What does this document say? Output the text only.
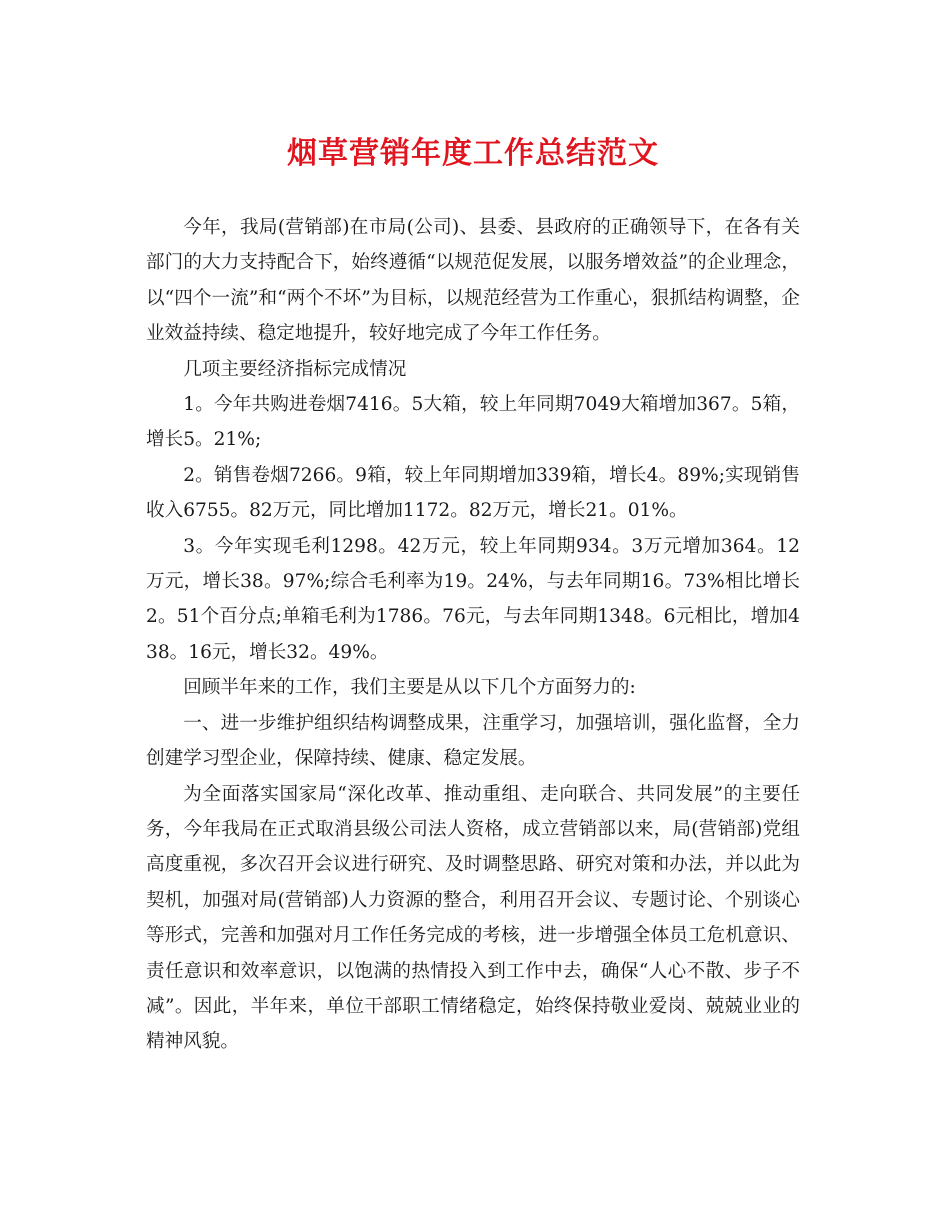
烟草营销年度工作总结范文

今年，我局(营销部)在市局(公司)、县委、县政府的正确领导下，在各有关部门的大力支持配合下，始终遵循“以规范促发展，以服务增效益”的企业理念，以“四个一流”和“两个不坏”为目标，以规范经营为工作重心，狠抓结构调整，企业效益持续、稳定地提升，较好地完成了今年工作任务。

几项主要经济指标完成情况

1。今年共购进卷烟7416。5大箱，较上年同期7049大箱增加367。5箱，增长5。21%;

2。销售卷烟7266。9箱，较上年同期增加339箱，增长4。89%;实现销售收入6755。82万元，同比增加1172。82万元，增长21。01%。

3。今年实现毛利1298。42万元，较上年同期934。3万元增加364。12万元，增长38。97%;综合毛利率为19。24%，与去年同期16。73%相比增长2。51个百分点;单箱毛利为1786。76元，与去年同期1348。6元相比，增加438。16元，增长32。49%。

回顾半年来的工作，我们主要是从以下几个方面努力的:

一、进一步维护组织结构调整成果，注重学习，加强培训，强化监督，全力创建学习型企业，保障持续、健康、稳定发展。

为全面落实国家局“深化改革、推动重组、走向联合、共同发展”的主要任务，今年我局在正式取消县级公司法人资格，成立营销部以来，局(营销部)党组高度重视，多次召开会议进行研究、及时调整思路、研究对策和办法，并以此为契机，加强对局(营销部)人力资源的整合，利用召开会议、专题讨论、个别谈心等形式，完善和加强对月工作任务完成的考核，进一步增强全体员工危机意识、责任意识和效率意识，以饱满的热情投入到工作中去，确保“人心不散、步子不减”。因此，半年来，单位干部职工情绪稳定，始终保持敬业爱岗、兢兢业业的精神风貌。
